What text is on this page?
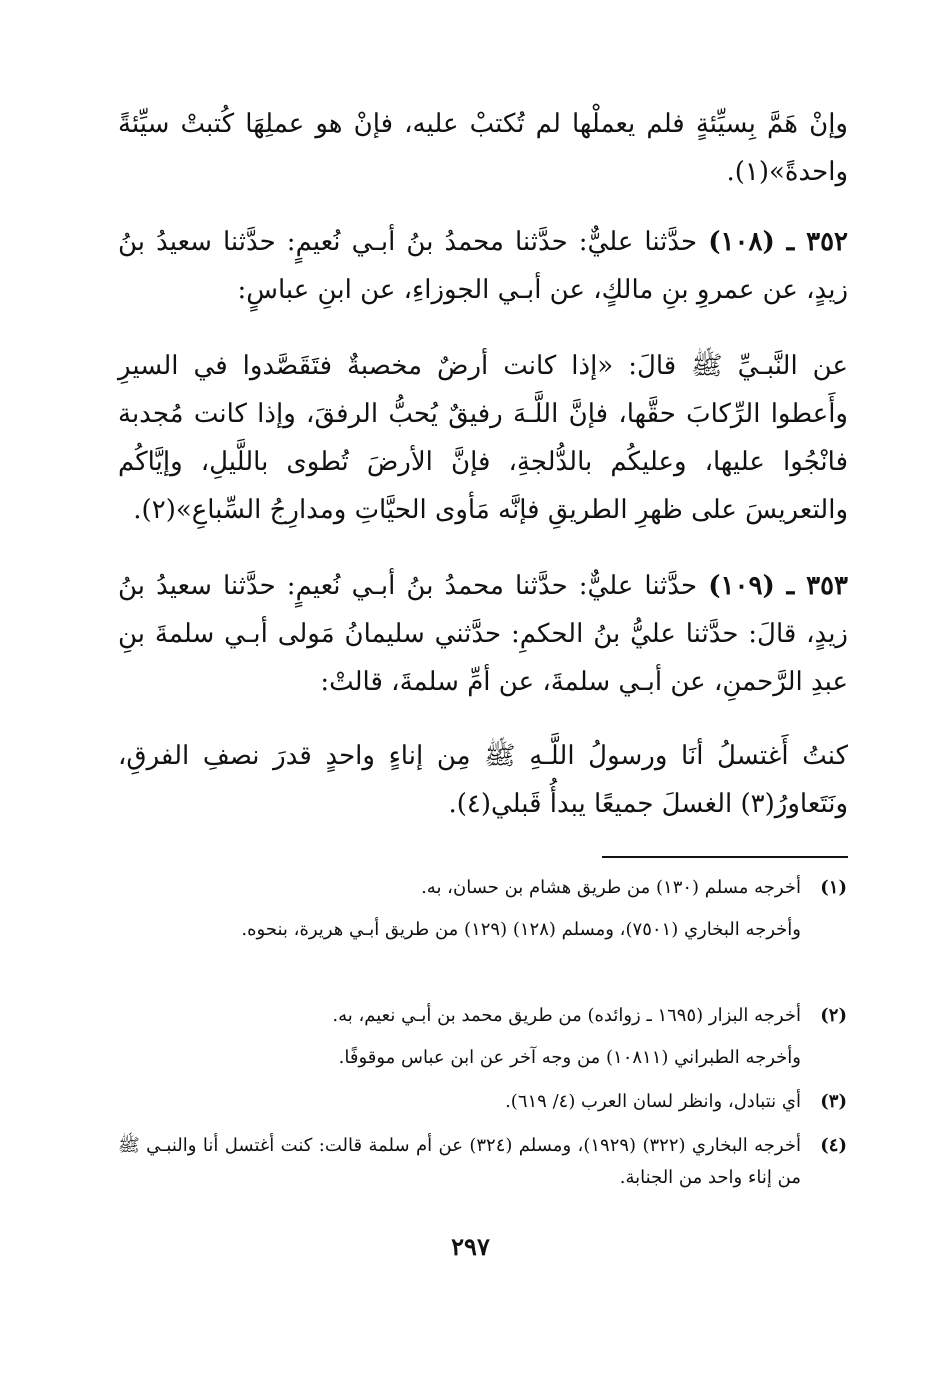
وإنْ هَمَّ بِسيِّئةٍ فلم يعملْها لم تُكتبْ عليه، فإنْ هو عملِهَا كُتبتْ سيِّئةً واحدةً»(١).

٣٥٢ ـ (١٠٨) حدَّثنا عليٌّ: حدَّثنا محمدُ بنُ أبـي نُعيمٍ: حدَّثنا سعيدُ بنُ زيدٍ، عن عمروِ بنِ مالكٍ، عن أبـي الجوزاءِ، عن ابنِ عباسٍ:

عن النَّبـيِّ ﷺ قالَ: «إذا كانت أرضٌ مخصبةٌ فتَقَصَّدوا في السيرِ وأَعطوا الرِّكابَ حقَّها، فإنَّ اللَّـهَ رفيقٌ يُحبُّ الرفقَ، وإذا كانت مُجدبة فانْجُوا عليها، وعليكُم بالدُّلجةِ، فإنَّ الأرضَ تُطوى باللَّيلِ، وإيَّاكُم والتعريسَ على ظهرِ الطريقِ فإنَّه مَأوى الحيَّاتِ ومدارِجُ السِّباعِ»(٢).

٣٥٣ ـ (١٠٩) حدَّثنا عليٌّ: حدَّثنا محمدُ بنُ أبـي نُعيمٍ: حدَّثنا سعيدُ بنُ زيدٍ، قالَ: حدَّثنا عليُّ بنُ الحكمِ: حدَّثني سليمانُ مَولى أبـي سلمةَ بنِ عبدِ الرَّحمنِ، عن أبـي سلمةَ، عن أمِّ سلمةَ، قالتْ:

كنتُ أَغتسلُ أنَا ورسولُ اللَّـهِ ﷺ مِن إناءٍ واحدٍ قدرَ نصفِ الفرقِ، ونَتَعاورُ(٣) الغسلَ جميعًا يبدأُ قَبلي(٤).

(١)

أخرجه مسلم (١٣٠) من طريق هشام بن حسان، به.

وأخرجه البخاري (٧٥٠١)، ومسلم (١٢٨) (١٢٩) من طريق أبـي هريرة، بنحوه.

(٢)

أخرجه البزار (١٦٩٥ ـ زوائده) من طريق محمد بن أبـي نعيم، به.

وأخرجه الطبراني (١٠٨١١) من وجه آخر عن ابن عباس موقوفًا.

(٣)

أي نتبادل، وانظر لسان العرب (٤/ ٦١٩).

(٤)

أخرجه البخاري (٣٢٢) (١٩٢٩)، ومسلم (٣٢٤) عن أم سلمة قالت: كنت أغتسل أنا والنبـي ﷺ من إناء واحد من الجنابة.

٢٩٧
